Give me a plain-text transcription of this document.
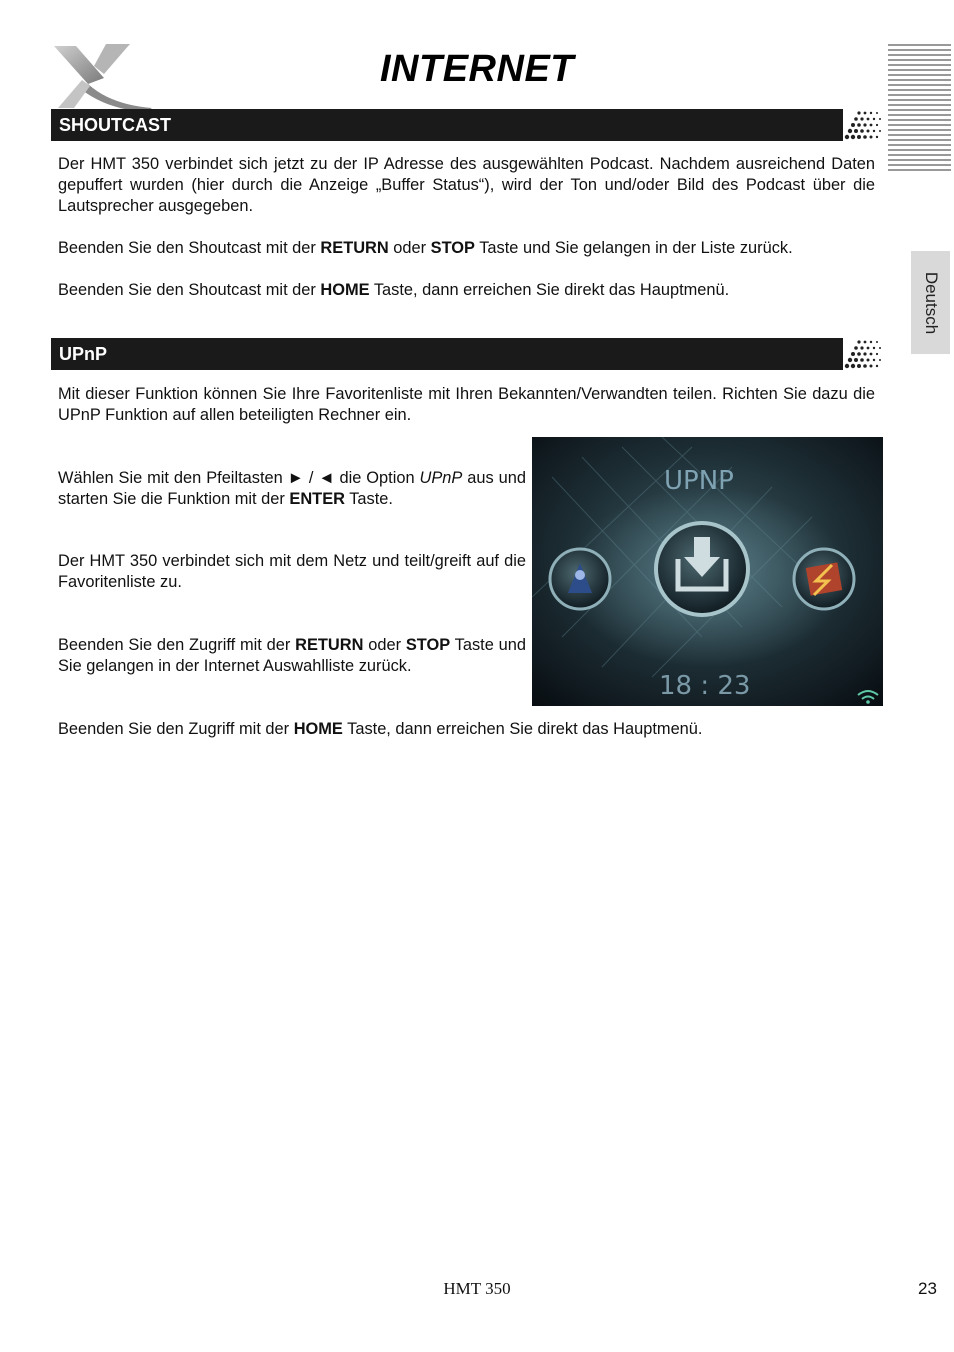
INTERNET
Deutsch
SHOUTCAST

Der HMT 350 verbindet sich jetzt zu der IP Adresse des ausgewählten Podcast. Nachdem ausreichend Daten gepuffert wurden (hier durch die Anzeige „Buffer Status“), wird der Ton und/oder Bild des Podcast über die Lautsprecher ausgegeben.

Beenden Sie den Shoutcast mit der RETURN oder STOP Taste und Sie gelangen in der Liste zurück.

Beenden Sie den Shoutcast mit der HOME Taste, dann erreichen Sie direkt das Hauptmenü.

UPnP

Mit dieser Funktion können Sie Ihre Favoritenliste mit Ihren Bekannten/Verwandten teilen. Richten Sie dazu die UPnP Funktion auf allen beteiligten Rechner ein.

Wählen Sie mit den Pfeiltasten ► / ◄ die Option UPnP aus und starten Sie die Funktion mit der ENTER Taste.

Der HMT 350 verbindet sich mit dem Netz und teilt/greift auf die Favoritenliste zu.

Beenden Sie den Zugriff mit der RETURN oder STOP Taste und Sie gelangen in der Internet Auswahlliste zurück.

Beenden Sie den Zugriff mit der HOME Taste, dann erreichen Sie direkt das Hauptmenü.

UPNP
18 : 23
HMT 350	23
